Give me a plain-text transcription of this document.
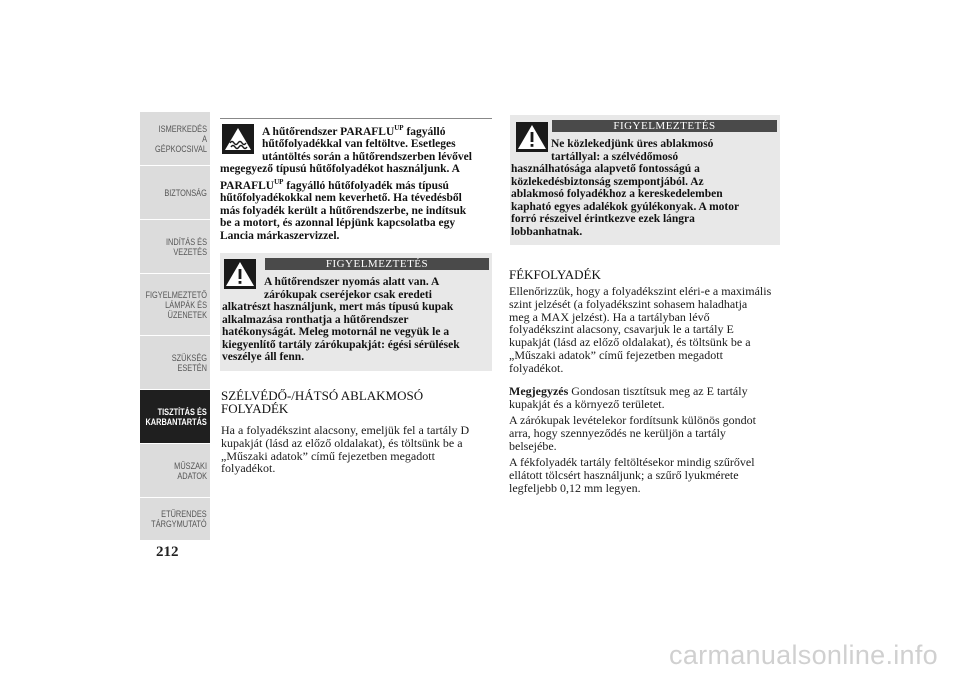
ISMERKEDÉS A
GÉPKOCSIVAL
BIZTONSÁG
INDÍTÁS ÉS
VEZETÉS
FIGYELMEZTETŐ
LÁMPÁK ÉS
ÜZENETEK
SZÜKSÉG ESETÉN
TISZTÍTÁS ÉS
KARBANTARTÁS
MŰSZAKI ADATOK
ETŰRENDES
TÁRGYMUTATÓ
212
A hűtőrendszer $PARAFLU^{UP}$ fagyálló
hűtőfolyadékkal van feltöltve. Esetleges
utántöltés során a hűtőrendszerben lévővel
megegyező típusú hűtőfolyadékot használjunk. A
$PARAFLU^{UP}$ fagyálló hűtőfolyadék más típusú
hűtőfolyadékokkal nem keverhető. Ha tévedésből
más folyadék került a hűtőrendszerbe, ne indítsuk
be a motort, és azonnal lépjünk kapcsolatba egy
Lancia márkaszervizzel.
FIGYELMEZTETÉS
A hűtőrendszer nyomás alatt van. A
zárókupak cseréjekor csak eredeti
alkatrészt használjunk, mert más típusú kupak
alkalmazása ronthatja a hűtőrendszer
hatékonyságát. Meleg motornál ne vegyük le a
kiegyenlítő tartály zárókupakját: égési sérülések
veszélye áll fenn.
SZÉLVÉDŐ-/HÁTSÓ ABLAKMOSÓ
FOLYADÉK
Ha a folyadékszint alacsony, emeljük fel a tartály D
kupakját (lásd az előző oldalakat), és töltsünk be a
„Műszaki adatok” című fejezetben megadott
folyadékot.
FIGYELMEZTETÉS
Ne közlekedjünk üres ablakmosó
tartállyal: a szélvédőmosó
használhatósága alapvető fontosságú a
közlekedésbiztonság szempontjából. Az
ablakmosó folyadékhoz a kereskedelemben
kapható egyes adalékok gyúlékonyak. A motor
forró részeivel érintkezve ezek lángra
lobbanhatnak.
FÉKFOLYADÉK
Ellenőrizzük, hogy a folyadékszint eléri-e a maximális
szint jelzését (a folyadékszint sohasem haladhatja
meg a MAX jelzést). Ha a tartályban lévő
folyadékszint alacsony, csavarjuk le a tartály E
kupakját (lásd az előző oldalakat), és töltsünk be a
„Műszaki adatok” című fejezetben megadott
folyadékot.
Megjegyzés Gondosan tisztítsuk meg az E tartály
kupakját és a környező területet.
A zárókupak levételekor fordítsunk különös gondot
arra, hogy szennyeződés ne kerüljön a tartály
belsejébe.
A fékfolyadék tartály feltöltésekor mindig szűrővel
ellátott tölcsért használjunk; a szűrő lyukmérete
legfeljebb 0,12 mm legyen.
carmanualsonline.info
